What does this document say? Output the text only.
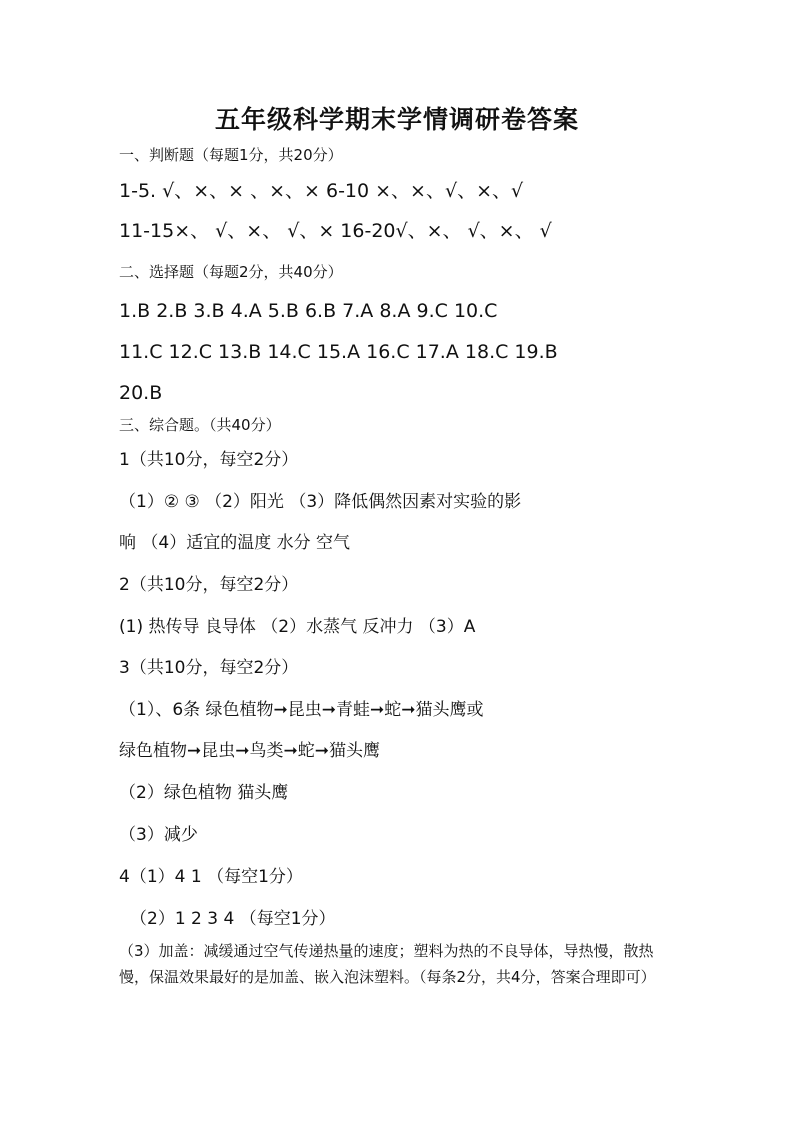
五年级科学期末学情调研卷答案
一、判断题（每题1分，共20分）
1-5. √、×、× 、×、× 6-10 ×、×、√、×、√
11-15×、 √、×、 √、× 16-20√、×、 √、×、 √
二、选择题（每题2分，共40分）
1.B 2.B 3.B 4.A 5.B 6.B 7.A 8.A 9.C 10.C
11.C 12.C 13.B 14.C 15.A 16.C 17.A 18.C 19.B
20.B
三、综合题。（共40分）
1（共10分，每空2分）
（1）② ③ （2）阳光 （3）降低偶然因素对实验的影
响 （4）适宜的温度 水分 空气
2（共10分，每空2分）
(1) 热传导 良导体 （2）水蒸气 反冲力 （3）A
3（共10分，每空2分）
（1）、6条 绿色植物➞昆虫➞青蛙➞蛇➞猫头鹰或
绿色植物➞昆虫➞鸟类➞蛇➞猫头鹰
（2）绿色植物 猫头鹰
（3）减少
4（1）4 1 （每空1分）
（2）1 2 3 4 （每空1分）
（3）加盖：减缓通过空气传递热量的速度；塑料为热的不良导体，导热慢，散热慢，保温效果最好的是加盖、嵌入泡沫塑料。（每条2分，共4分，答案合理即可）
